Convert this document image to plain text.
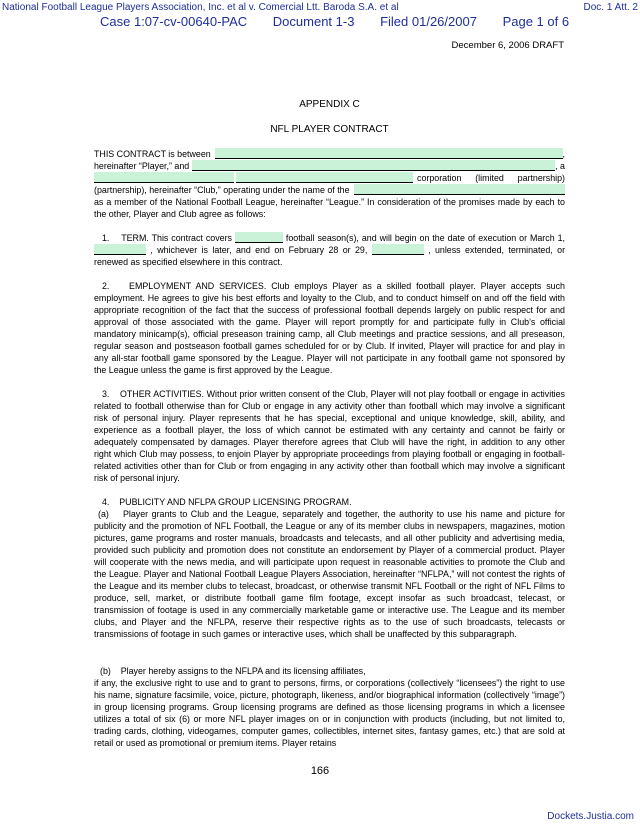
National Football League Players Association, Inc. et al v. Comercial Ltt. Baroda S.A. et al	Doc. 1 Att. 2
Case 1:07-cv-00640-PAC Document 1-3 Filed 01/26/2007 Page 1 of 6
December 6, 2006 DRAFT
APPENDIX C
NFL PLAYER CONTRACT
THIS CONTRACT is between	,
hereinafter “Player,” and	, a
corporation (limited partnership)
(partnership), hereinafter “Club,” operating under the name of the
as a member of the National Football League, hereinafter “League.” In consideration of the promises made by each to the other, Player and Club agree as follows:
1.    TERM. This contract covers	football season(s), and will begin on the date of execution or March 1,  , whichever is later, and end on February 28 or 29,	, unless extended, terminated, or renewed as specified elsewhere in this contract.
2.    EMPLOYMENT AND SERVICES. Club employs Player as a skilled football player. Player accepts such employment. He agrees to give his best efforts and loyalty to the Club, and to conduct himself on and off the field with appropriate recognition of the fact that the success of professional football depends largely on public respect for and approval of those associated with the game. Player will report promptly for and participate fully in Club’s official mandatory minicamp(s), official preseason training camp, all Club meetings and practice sessions, and all preseason, regular season and postseason football games scheduled for or by Club. If invited, Player will practice for and play in any all-star football game sponsored by the League. Player will not participate in any football game not sponsored by the League unless the game is first approved by the League.
3.    OTHER ACTIVITIES. Without prior written consent of the Club, Player will not play football or engage in activities related to football otherwise than for Club or engage in any activity other than football which may involve a significant risk of personal injury. Player represents that he has special, exceptional and unique knowledge, skill, ability, and experience as a football player, the loss of which cannot be estimated with any certainty and cannot be fairly or adequately compensated by damages. Player therefore agrees that Club will have the right, in addition to any other right which Club may possess, to enjoin Player by appropriate proceedings from playing football or engaging in football-related activities other than for Club or from engaging in any activity other than football which may involve a significant risk of personal injury.
4.    PUBLICITY AND NFLPA GROUP LICENSING PROGRAM.
(a)    Player grants to Club and the League, separately and together, the authority to use his name and picture for publicity and the promotion of NFL Football, the League or any of its member clubs in newspapers, magazines, motion pictures, game programs and roster manuals, broadcasts and telecasts, and all other publicity and advertising media, provided such publicity and promotion does not constitute an endorsement by Player of a commercial product. Player will cooperate with the news media, and will participate upon request in reasonable activities to promote the Club and the League. Player and National Football League Players Association, hereinafter “NFLPA,” will not contest the rights of the League and its member clubs to telecast, broadcast, or otherwise transmit NFL Football or the right of NFL Films to produce, sell, market, or distribute football game film footage, except insofar as such broadcast, telecast, or transmission of footage is used in any commercially marketable game or interactive use. The League and its member clubs, and Player and the NFLPA, reserve their respective rights as to the use of such broadcasts, telecasts or transmissions of footage in such games or interactive uses, which shall be unaffected by this subparagraph.
(b)    Player hereby assigns to the NFLPA and its licensing affiliates,
if any, the exclusive right to use and to grant to persons, firms, or corporations (collectively “licensees”) the right to use his name, signature facsimile, voice, picture, photograph, likeness, and/or biographical information (collectively “image”) in group licensing programs. Group licensing programs are defined as those licensing programs in which a licensee utilizes a total of six (6) or more NFL player images on or in conjunction with products (including, but not limited to, trading cards, clothing, videogames, computer games, collectibles, internet sites, fantasy games, etc.) that are sold at retail or used as promotional or premium items. Player retains
166
Dockets.Justia.com
